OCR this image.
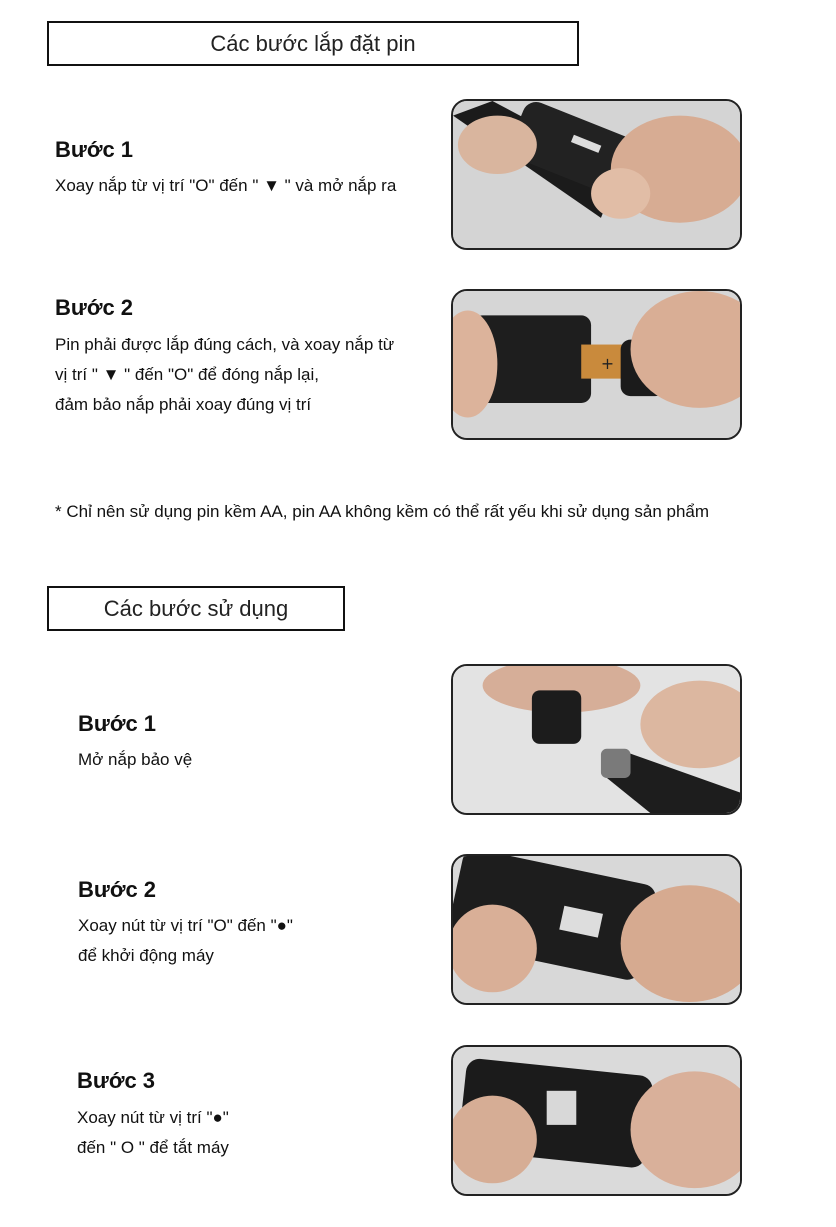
Các bước lắp đặt pin
Bước 1
Xoay nắp từ vị trí "O" đến " ▼ " và mở nắp ra
Bước 2
Pin phải được lắp đúng cách, và xoay nắp từ
vị trí " ▼ " đến "O" để đóng nắp lại,
đảm bảo nắp phải xoay đúng vị trí
+
* Chỉ nên sử dụng pin kềm AA, pin AA không kềm có thể rất yếu khi sử dụng sản phẩm
Các bước sử dụng
Bước 1
Mở nắp bảo vệ
Bước 2
Xoay nút từ vị trí "O" đến "●"
để khởi động máy
Bước 3
Xoay nút từ vị trí "●"
đến " O " để tắt máy
